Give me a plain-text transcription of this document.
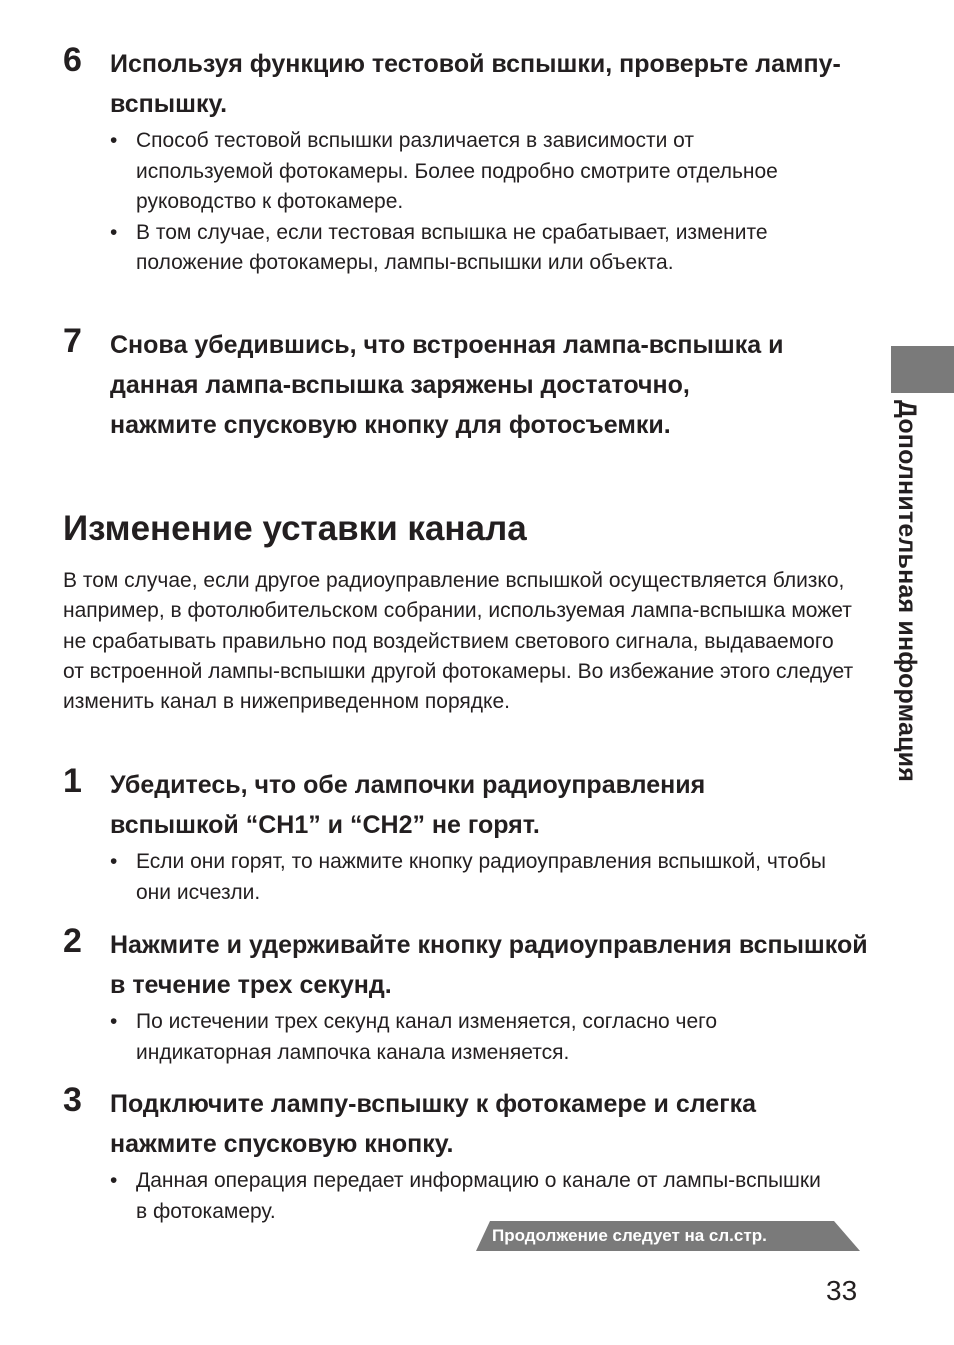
Дополнительная информация
6 Используя функцию тестовой вспышки, проверьте лампу-вспышку.
• Способ тестовой вспышки различается в зависимости от используемой фотокамеры. Более подробно смотрите отдельное руководство к фотокамере.
• В том случае, если тестовая вспышка не срабатывает, измените положение фотокамеры, лампы-вспышки или объекта.
7 Снова убедившись, что встроенная лампа-вспышка и данная лампа-вспышка заряжены достаточно, нажмите спусковую кнопку для фотосъемки.
Изменение уставки канала

В том случае, если другое радиоуправление вспышкой осуществляется близко, например, в фотолюбительском собрании, используемая лампа-вспышка может не срабатывать правильно под воздействием светового сигнала, выдаваемого от встроенной лампы-вспышки другой фотокамеры. Во избежание этого следует изменить канал в нижеприведенном порядке.

1 Убедитесь, что обе лампочки радиоуправления вспышкой “CH1” и “CH2” не горят.
• Если они горят, то нажмите кнопку радиоуправления вспышкой, чтобы они исчезли.
2 Нажмите и удерживайте кнопку радиоуправления вспышкой в течение трех секунд.
• По истечении трех секунд канал изменяется, согласно чего индикаторная лампочка канала изменяется.
3 Подключите лампу-вспышку к фотокамере и слегка нажмите спусковую кнопку.
• Данная операция передает информацию о канале от лампы-вспышки в фотокамеру.
Продолжение следует на сл.стр.
33
